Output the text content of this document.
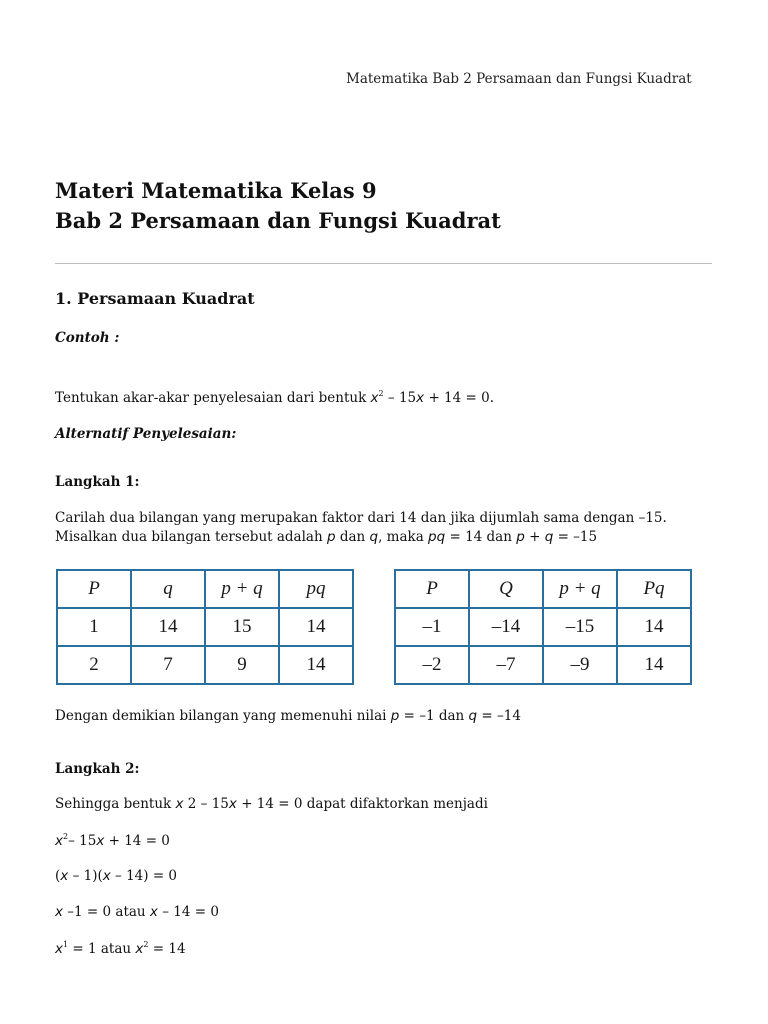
Matematika Bab 2 Persamaan dan Fungsi Kuadrat
Materi Matematika Kelas 9
Bab 2 Persamaan dan Fungsi Kuadrat
1. Persamaan Kuadrat
Contoh :
Tentukan akar-akar penyelesaian dari bentuk $x^2 - 15x + 14 = 0$.
Alternatif Penyelesaian:
Langkah 1:
Carilah dua bilangan yang merupakan faktor dari 14 dan jika dijumlah sama dengan –15.
Misalkan dua bilangan tersebut adalah p dan q, maka pq = 14 dan p + q = –15
P	q	p + q	pq
1	14	15	14
2	7	9	14
P	Q	p + q	Pq
–1	–14	–15	14
–2	–7	–9	14
Dengan demikian bilangan yang memenuhi nilai p = –1 dan q = –14
Langkah 2:
Sehingga bentuk x 2 – 15x + 14 = 0 dapat difaktorkan menjadi
$x^2-$ 15x + 14 = 0
(x – 1)(x – 14) = 0
x –1 = 0 atau x – 14 = 0
$x^1 = 1$ atau $x^2 = 14$
